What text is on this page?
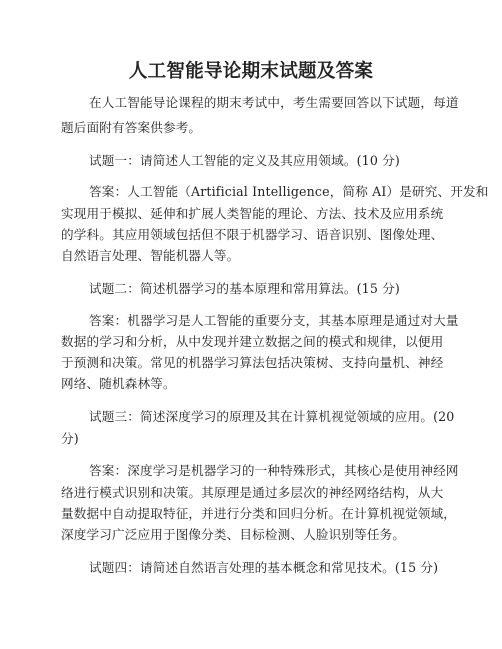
人工智能导论期末试题及答案
在人工智能导论课程的期末考试中，考生需要回答以下试题，每道
题后面附有答案供参考。
试题一：请简述人工智能的定义及其应用领域。(10 分)
答案：人工智能（Artificial Intelligence，简称 AI）是研究、开发和
实现用于模拟、延伸和扩展人类智能的理论、方法、技术及应用系统
的学科。其应用领域包括但不限于机器学习、语音识别、图像处理、
自然语言处理、智能机器人等。
试题二：简述机器学习的基本原理和常用算法。(15 分)
答案：机器学习是人工智能的重要分支，其基本原理是通过对大量
数据的学习和分析，从中发现并建立数据之间的模式和规律，以便用
于预测和决策。常见的机器学习算法包括决策树、支持向量机、神经
网络、随机森林等。
试题三：简述深度学习的原理及其在计算机视觉领域的应用。(20
分)
答案：深度学习是机器学习的一种特殊形式，其核心是使用神经网
络进行模式识别和决策。其原理是通过多层次的神经网络结构，从大
量数据中自动提取特征，并进行分类和回归分析。在计算机视觉领域，
深度学习广泛应用于图像分类、目标检测、人脸识别等任务。
试题四：请简述自然语言处理的基本概念和常见技术。(15 分)
